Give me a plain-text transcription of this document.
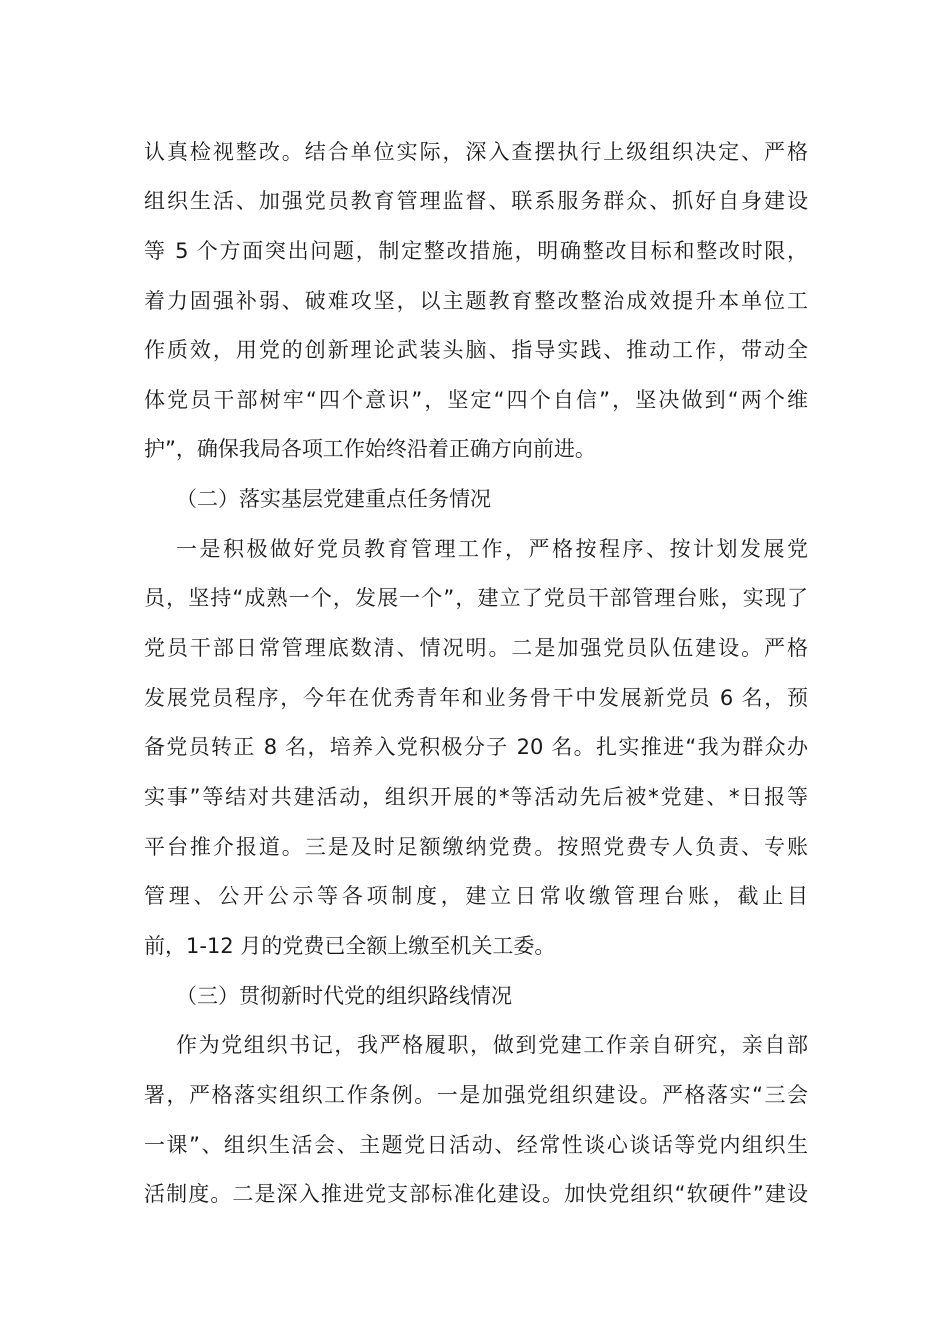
认真检视整改。结合单位实际，深入查摆执行上级组织决定、严格
组织生活、加强党员教育管理监督、联系服务群众、抓好自身建设
等 5 个方面突出问题，制定整改措施，明确整改目标和整改时限，
着力固强补弱、破难攻坚，以主题教育整改整治成效提升本单位工
作质效，用党的创新理论武装头脑、指导实践、推动工作，带动全
体党员干部树牢“四个意识”，坚定“四个自信”，坚决做到“两个维
护”，确保我局各项工作始终沿着正确方向前进。
（二）落实基层党建重点任务情况
一是积极做好党员教育管理工作，严格按程序、按计划发展党
员，坚持“成熟一个，发展一个”，建立了党员干部管理台账，实现了
党员干部日常管理底数清、情况明。二是加强党员队伍建设。严格
发展党员程序，今年在优秀青年和业务骨干中发展新党员 6 名，预
备党员转正 8 名，培养入党积极分子 20 名。扎实推进“我为群众办
实事”等结对共建活动，组织开展的*等活动先后被*党建、*日报等
平台推介报道。三是及时足额缴纳党费。按照党费专人负责、专账
管理、公开公示等各项制度，建立日常收缴管理台账，截止目
前，1-12 月的党费已全额上缴至机关工委。
（三）贯彻新时代党的组织路线情况
作为党组织书记，我严格履职，做到党建工作亲自研究，亲自部
署，严格落实组织工作条例。一是加强党组织建设。严格落实“三会
一课”、组织生活会、主题党日活动、经常性谈心谈话等党内组织生
活制度。二是深入推进党支部标准化建设。加快党组织“软硬件”建设
